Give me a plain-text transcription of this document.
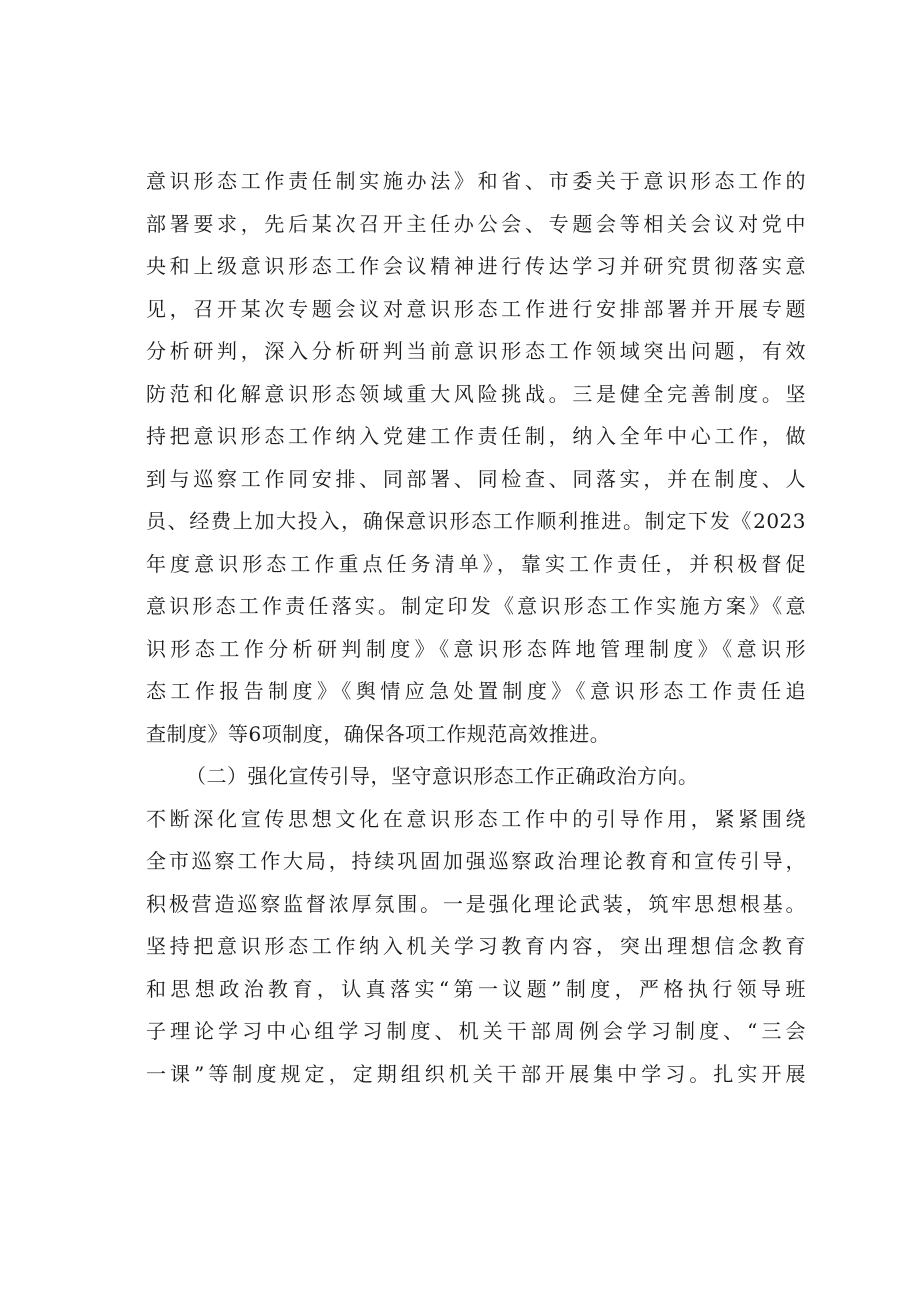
意识形态工作责任制实施办法》和省、市委关于意识形态工作的
部署要求，先后某次召开主任办公会、专题会等相关会议对党中
央和上级意识形态工作会议精神进行传达学习并研究贯彻落实意
见，召开某次专题会议对意识形态工作进行安排部署并开展专题
分析研判，深入分析研判当前意识形态工作领域突出问题，有效
防范和化解意识形态领域重大风险挑战。三是健全完善制度。坚
持把意识形态工作纳入党建工作责任制，纳入全年中心工作，做
到与巡察工作同安排、同部署、同检查、同落实，并在制度、人
员、经费上加大投入，确保意识形态工作顺利推进。制定下发《2023
年度意识形态工作重点任务清单》，靠实工作责任，并积极督促
意识形态工作责任落实。制定印发《意识形态工作实施方案》《意
识形态工作分析研判制度》《意识形态阵地管理制度》《意识形
态工作报告制度》《舆情应急处置制度》《意识形态工作责任追
查制度》等6项制度，确保各项工作规范高效推进。
（二）强化宣传引导，坚守意识形态工作正确政治方向。
不断深化宣传思想文化在意识形态工作中的引导作用，紧紧围绕
全市巡察工作大局，持续巩固加强巡察政治理论教育和宣传引导，
积极营造巡察监督浓厚氛围。一是强化理论武装，筑牢思想根基。
坚持把意识形态工作纳入机关学习教育内容，突出理想信念教育
和思想政治教育，认真落实“第一议题”制度，严格执行领导班
子理论学习中心组学习制度、机关干部周例会学习制度、“三会
一课”等制度规定，定期组织机关干部开展集中学习。扎实开展
